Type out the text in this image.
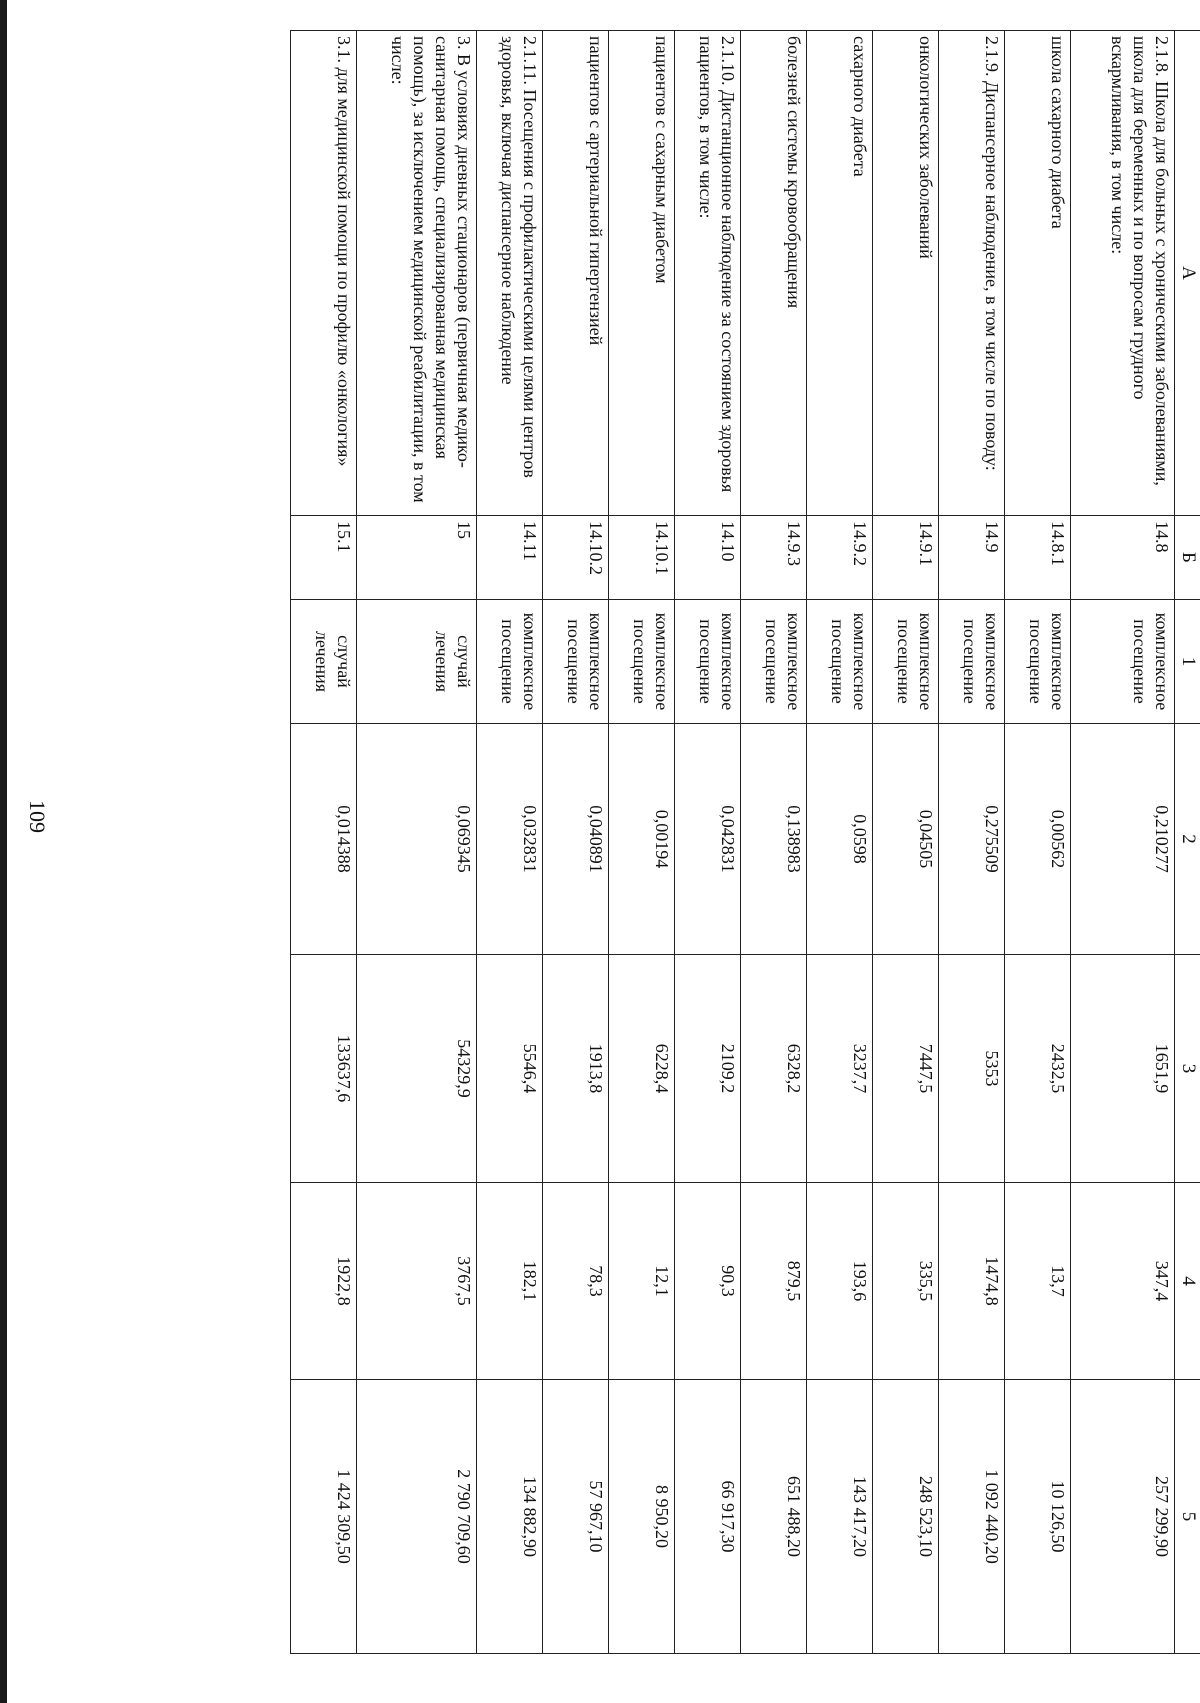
109
А	Б	1	2	3	4	5
2.1.8. Школа для больных с хроническими заболеваниями, школа для беременных и по вопросам грудного вскармливания, в том числе:	14.8	комплексное посещение	0,210277	1651,9	347,4	257 299,90
школа сахарного диабета	14.8.1	комплексное посещение	0,00562	2432,5	13,7	10 126,50
2.1.9. Диспансерное наблюдение, в том числе по поводу:	14.9	комплексное посещение	0,275509	5353	1474,8	1 092 440,20
онкологических заболеваний	14.9.1	комплексное посещение	0,04505	7447,5	335,5	248 523,10
сахарного диабета	14.9.2	комплексное посещение	0,0598	3237,7	193,6	143 417,20
болезней системы кровообращения	14.9.3	комплексное посещение	0,138983	6328,2	879,5	651 488,20
2.1.10. Дистанционное наблюдение за состоянием здоровья пациентов, в том числе:	14.10	комплексное посещение	0,042831	2109,2	90,3	66 917,30
пациентов с сахарным диабетом	14.10.1	комплексное посещение	0,00194	6228,4	12,1	8 950,20
пациентов с артериальной гипертензией	14.10.2	комплексное посещение	0,040891	1913,8	78,3	57 967,10
2.1.11. Посещения с профилактическими целями центров здоровья, включая диспансерное наблюдение	14.11	комплексное посещение	0,032831	5546,4	182,1	134 882,90
3. В условиях дневных стационаров (первичная медико-санитарная помощь, специализированная медицинская помощь), за исключением медицинской реабилитации, в том числе:	15	случай лечения	0,069345	54329,9	3767,5	2 790 709,60
3.1. для медицинской помощи по профилю «онкология»	15.1	случай лечения	0,014388	133637,6	1922,8	1 424 309,50
